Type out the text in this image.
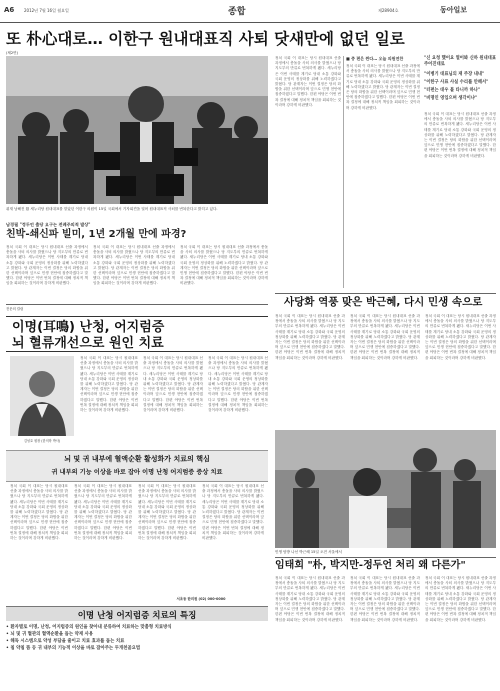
A6 2012년 7월 16일 월요일	종합	제28904호	동아일보
또 朴心대로… 이한구 원내대표직 사퇴 닷새만에 없던 일로
(제2면)
취재 남해진 基 새누리당 원내대표를 맡았던 이한구 의원이 15일 국회에서 기자회견을 열어 원내대표직 사퇴를 번복한다고 밝히고 있다.
남경필 "정두언 출당 요구는 전례주의적 발상"
친박-쇄신파 빌미, 1년 2개월 만에 파경?
정치 국회 이 대표는 당시 원내대표 선출 과정에서 충돌을 사퇴 의사를 밝혔으나 당 지도부의 만류로 번복하게 됐다. 새누리당은 이번 사태를 계기로 당내 소통 강화와 국회 운영의 정상화를 위해 노력하겠다고 밝혔다. 당 관계자는 이번 결정은 당의 화합을 위한 선택이라며 앞으로 민생 현안에 집중하겠다고 말했다. 한편 야당은 이번 번복 결정에 대해 정치적 책임을 회피하는 것이라며 강하게 비판했다.
정치 국회 이 대표는 당시 원내대표 선출 과정에서 충돌을 사퇴 의사를 밝혔으나 당 지도부의 만류로 번복하게 됐다. 새누리당은 이번 사태를 계기로 당내 소통 강화와 국회 운영의 정상화를 위해 노력하겠다고 밝혔다. 당 관계자는 이번 결정은 당의 화합을 위한 선택이라며 앞으로 민생 현안에 집중하겠다고 말했다. 한편 야당은 이번 번복 결정에 대해 정치적 책임을 회피하는 것이라며 강하게 비판했다.
정치 국회 이 대표는 당시 원내대표 선출 과정에서 충돌을 사퇴 의사를 밝혔으나 당 지도부의 만류로 번복하게 됐다. 새누리당은 이번 사태를 계기로 당내 소통 강화와 국회 운영의 정상화를 위해 노력하겠다고 밝혔다. 당 관계자는 이번 결정은 당의 화합을 위한 선택이라며 앞으로 민생 현안에 집중하겠다고 말했다. 한편 야당은 이번 번복 결정에 대해 정치적 책임을 회피하는 것이라며 강하게 비판했다.
정치 국회 이 대표는 당시 원내대표 선출 과정에서 충돌을 사퇴 의사를 밝혔으나 당 지도부의 만류로 번복하게 됐다. 새누리당은 이번 사태를 계기로 당내 소통 강화와 국회 운영의 정상화를 위해 노력하겠다고 밝혔다. 당 관계자는 이번 결정은 당의 화합을 위한 선택이라며 앞으로 민생 현안에 집중하겠다고 말했다. 한편 야당은 이번 번복 결정에 대해 정치적 책임을 회피하는 것이라며 강하게 비판했다.
■ 중 편은 짠다… 오늘 의원연찬
정치 국회 이 대표는 당시 원내대표 선출 과정에서 충돌을 사퇴 의사를 밝혔으나 당 지도부의 만류로 번복하게 됐다. 새누리당은 이번 사태를 계기로 당내 소통 강화와 국회 운영의 정상화를 위해 노력하겠다고 밝혔다. 당 관계자는 이번 결정은 당의 화합을 위한 선택이라며 앞으로 민생 현안에 집중하겠다고 말했다. 한편 야당은 이번 번복 결정에 대해 정치적 책임을 회피하는 것이라며 강하게 비판했다.
"신 요청 했어요 열어봐 신하 원내대표 주어진대로
"이병기 대표님의 재 주장 내내"
"이한구 사표 사실 수리를 안해서"
"터펀는 대우 불 타니까 하나"
"비명인 영입으며 생각이냐"
정치 국회 이 대표는 당시 원내대표 선출 과정에서 충돌을 사퇴 의사를 밝혔으나 당 지도부의 만류로 번복하게 됐다. 새누리당은 이번 사태를 계기로 당내 소통 강화와 국회 운영의 정상화를 위해 노력하겠다고 밝혔다. 당 관계자는 이번 결정은 당의 화합을 위한 선택이라며 앞으로 민생 현안에 집중하겠다고 말했다. 한편 야당은 이번 번복 결정에 대해 정치적 책임을 회피하는 것이라며 강하게 비판했다.
전문의 칼럼
이명(耳鳴) 난청, 어지럼증
뇌 혈류개선으로 원인 치료
김성호 원장 (한의학 박사)
정치 국회 이 대표는 당시 원내대표 선출 과정에서 충돌을 사퇴 의사를 밝혔으나 당 지도부의 만류로 번복하게 됐다. 새누리당은 이번 사태를 계기로 당내 소통 강화와 국회 운영의 정상화를 위해 노력하겠다고 밝혔다. 당 관계자는 이번 결정은 당의 화합을 위한 선택이라며 앞으로 민생 현안에 집중하겠다고 말했다. 한편 야당은 이번 번복 결정에 대해 정치적 책임을 회피하는 것이라며 강하게 비판했다.
정치 국회 이 대표는 당시 원내대표 선출 과정에서 충돌을 사퇴 의사를 밝혔으나 당 지도부의 만류로 번복하게 됐다. 새누리당은 이번 사태를 계기로 당내 소통 강화와 국회 운영의 정상화를 위해 노력하겠다고 밝혔다. 당 관계자는 이번 결정은 당의 화합을 위한 선택이라며 앞으로 민생 현안에 집중하겠다고 말했다. 한편 야당은 이번 번복 결정에 대해 정치적 책임을 회피하는 것이라며 강하게 비판했다.
정치 국회 이 대표는 당시 원내대표 선출 과정에서 충돌을 사퇴 의사를 밝혔으나 당 지도부의 만류로 번복하게 됐다. 새누리당은 이번 사태를 계기로 당내 소통 강화와 국회 운영의 정상화를 위해 노력하겠다고 밝혔다. 당 관계자는 이번 결정은 당의 화합을 위한 선택이라며 앞으로 민생 현안에 집중하겠다고 말했다. 한편 야당은 이번 번복 결정에 대해 정치적 책임을 회피하는 것이라며 강하게 비판했다.
뇌 및 귀 내부에 혈액순환 활성화가 치료의 핵심
귀 내부의 기능 이상을 바로 잡아 이명 난청 어지럼증 증상 치료
정치 국회 이 대표는 당시 원내대표 선출 과정에서 충돌을 사퇴 의사를 밝혔으나 당 지도부의 만류로 번복하게 됐다. 새누리당은 이번 사태를 계기로 당내 소통 강화와 국회 운영의 정상화를 위해 노력하겠다고 밝혔다. 당 관계자는 이번 결정은 당의 화합을 위한 선택이라며 앞으로 민생 현안에 집중하겠다고 말했다. 한편 야당은 이번 번복 결정에 대해 정치적 책임을 회피하는 것이라며 강하게 비판했다.
정치 국회 이 대표는 당시 원내대표 선출 과정에서 충돌을 사퇴 의사를 밝혔으나 당 지도부의 만류로 번복하게 됐다. 새누리당은 이번 사태를 계기로 당내 소통 강화와 국회 운영의 정상화를 위해 노력하겠다고 밝혔다. 당 관계자는 이번 결정은 당의 화합을 위한 선택이라며 앞으로 민생 현안에 집중하겠다고 말했다. 한편 야당은 이번 번복 결정에 대해 정치적 책임을 회피하는 것이라며 강하게 비판했다.
정치 국회 이 대표는 당시 원내대표 선출 과정에서 충돌을 사퇴 의사를 밝혔으나 당 지도부의 만류로 번복하게 됐다. 새누리당은 이번 사태를 계기로 당내 소통 강화와 국회 운영의 정상화를 위해 노력하겠다고 밝혔다. 당 관계자는 이번 결정은 당의 화합을 위한 선택이라며 앞으로 민생 현안에 집중하겠다고 말했다. 한편 야당은 이번 번복 결정에 대해 정치적 책임을 회피하는 것이라며 강하게 비판했다.
정치 국회 이 대표는 당시 원내대표 선출 과정에서 충돌을 사퇴 의사를 밝혔으나 당 지도부의 만류로 번복하게 됐다. 새누리당은 이번 사태를 계기로 당내 소통 강화와 국회 운영의 정상화를 위해 노력하겠다고 밝혔다. 당 관계자는 이번 결정은 당의 화합을 위한 선택이라며 앞으로 민생 현안에 집중하겠다고 말했다. 한편 야당은 이번 번복 결정에 대해 정치적 책임을 회피하는 것이라며 강하게 비판했다.
서초동 한의원 (02) 000-0000
이명 난청 어지럼증 치료의 특징
• 환자별로 이명, 난청, 어지럼증의 원인을 찾아내 분류하여 치료하는 맞춤형 치료방식
• 뇌 및 귀 혈관의 혈액순환을 돕는 약재 사용
• 해독 시스템으로 약성 부담을 줄이고 치료 효과를 돕는 치료
• 침 약침 뜸 등 귀 내부의 기능적 이상을 바로 잡아주는 두개천골요법
사당화 역풍 맞은 박근혜, 다시 민생 속으로
정치 국회 이 대표는 당시 원내대표 선출 과정에서 충돌을 사퇴 의사를 밝혔으나 당 지도부의 만류로 번복하게 됐다. 새누리당은 이번 사태를 계기로 당내 소통 강화와 국회 운영의 정상화를 위해 노력하겠다고 밝혔다. 당 관계자는 이번 결정은 당의 화합을 위한 선택이라며 앞으로 민생 현안에 집중하겠다고 말했다. 한편 야당은 이번 번복 결정에 대해 정치적 책임을 회피하는 것이라며 강하게 비판했다.
정치 국회 이 대표는 당시 원내대표 선출 과정에서 충돌을 사퇴 의사를 밝혔으나 당 지도부의 만류로 번복하게 됐다. 새누리당은 이번 사태를 계기로 당내 소통 강화와 국회 운영의 정상화를 위해 노력하겠다고 밝혔다. 당 관계자는 이번 결정은 당의 화합을 위한 선택이라며 앞으로 민생 현안에 집중하겠다고 말했다. 한편 야당은 이번 번복 결정에 대해 정치적 책임을 회피하는 것이라며 강하게 비판했다.
정치 국회 이 대표는 당시 원내대표 선출 과정에서 충돌을 사퇴 의사를 밝혔으나 당 지도부의 만류로 번복하게 됐다. 새누리당은 이번 사태를 계기로 당내 소통 강화와 국회 운영의 정상화를 위해 노력하겠다고 밝혔다. 당 관계자는 이번 결정은 당의 화합을 위한 선택이라며 앞으로 민생 현안에 집중하겠다고 말했다. 한편 야당은 이번 번복 결정에 대해 정치적 책임을 회피하는 것이라며 강하게 비판했다.
민생 탐방 나선 박근혜 15일 오전 서울에서
임태희 "朴, 박지만-정두언 처리 왜 다른가"
정치 국회 이 대표는 당시 원내대표 선출 과정에서 충돌을 사퇴 의사를 밝혔으나 당 지도부의 만류로 번복하게 됐다. 새누리당은 이번 사태를 계기로 당내 소통 강화와 국회 운영의 정상화를 위해 노력하겠다고 밝혔다. 당 관계자는 이번 결정은 당의 화합을 위한 선택이라며 앞으로 민생 현안에 집중하겠다고 말했다. 한편 야당은 이번 번복 결정에 대해 정치적 책임을 회피하는 것이라며 강하게 비판했다.
정치 국회 이 대표는 당시 원내대표 선출 과정에서 충돌을 사퇴 의사를 밝혔으나 당 지도부의 만류로 번복하게 됐다. 새누리당은 이번 사태를 계기로 당내 소통 강화와 국회 운영의 정상화를 위해 노력하겠다고 밝혔다. 당 관계자는 이번 결정은 당의 화합을 위한 선택이라며 앞으로 민생 현안에 집중하겠다고 말했다. 한편 야당은 이번 번복 결정에 대해 정치적 책임을 회피하는 것이라며 강하게 비판했다.
정치 국회 이 대표는 당시 원내대표 선출 과정에서 충돌을 사퇴 의사를 밝혔으나 당 지도부의 만류로 번복하게 됐다. 새누리당은 이번 사태를 계기로 당내 소통 강화와 국회 운영의 정상화를 위해 노력하겠다고 밝혔다. 당 관계자는 이번 결정은 당의 화합을 위한 선택이라며 앞으로 민생 현안에 집중하겠다고 말했다. 한편 야당은 이번 번복 결정에 대해 정치적 책임을 회피하는 것이라며 강하게 비판했다.
